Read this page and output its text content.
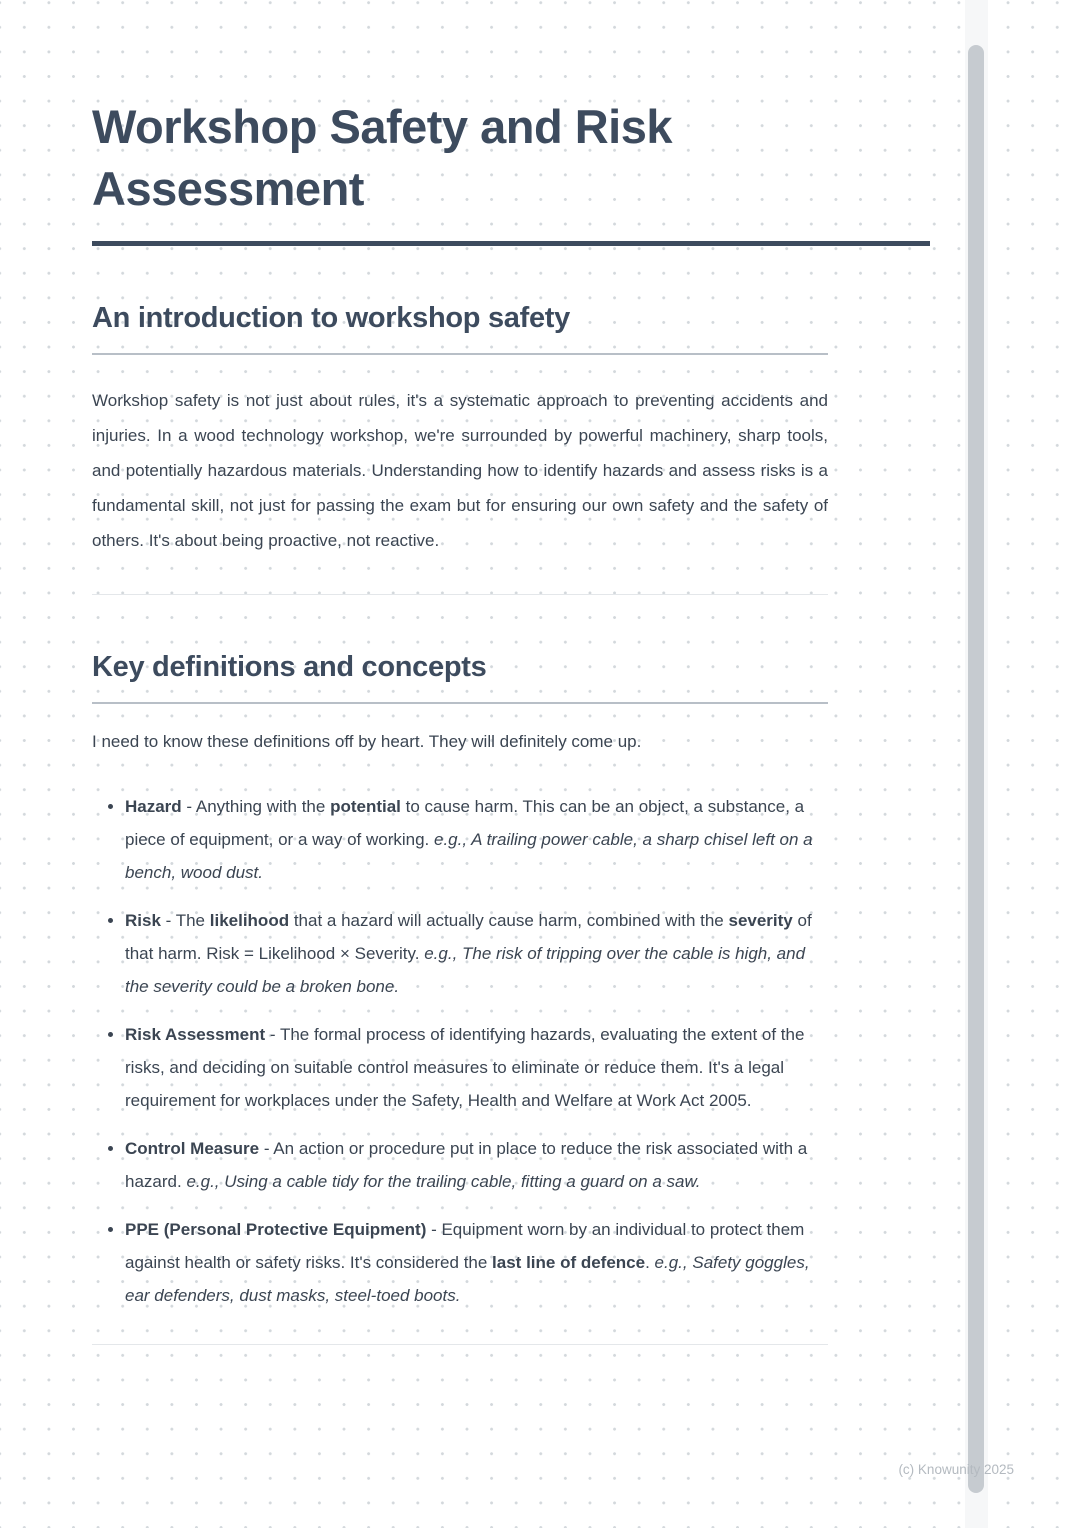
Workshop Safety and Risk Assessment
An introduction to workshop safety

Workshop safety is not just about rules, it's a systematic approach to preventing accidents and injuries. In a wood technology workshop, we're surrounded by powerful machinery, sharp tools, and potentially hazardous materials. Understanding how to identify hazards and assess risks is a fundamental skill, not just for passing the exam but for ensuring our own safety and the safety of others. It's about being proactive, not reactive.

Key definitions and concepts

I need to know these definitions off by heart. They will definitely come up.

• Hazard - Anything with the potential to cause harm. This can be an object, a substance, a piece of equipment, or a way of working. e.g., A trailing power cable, a sharp chisel left on a bench, wood dust.
• Risk - The likelihood that a hazard will actually cause harm, combined with the severity of that harm. Risk = Likelihood × Severity. e.g., The risk of tripping over the cable is high, and the severity could be a broken bone.
• Risk Assessment - The formal process of identifying hazards, evaluating the extent of the risks, and deciding on suitable control measures to eliminate or reduce them. It's a legal requirement for workplaces under the Safety, Health and Welfare at Work Act 2005.
• Control Measure - An action or procedure put in place to reduce the risk associated with a hazard. e.g., Using a cable tidy for the trailing cable, fitting a guard on a saw.
• PPE (Personal Protective Equipment) - Equipment worn by an individual to protect them against health or safety risks. It's considered the last line of defence. e.g., Safety goggles, ear defenders, dust masks, steel-toed boots.
(c) Knowunity 2025
